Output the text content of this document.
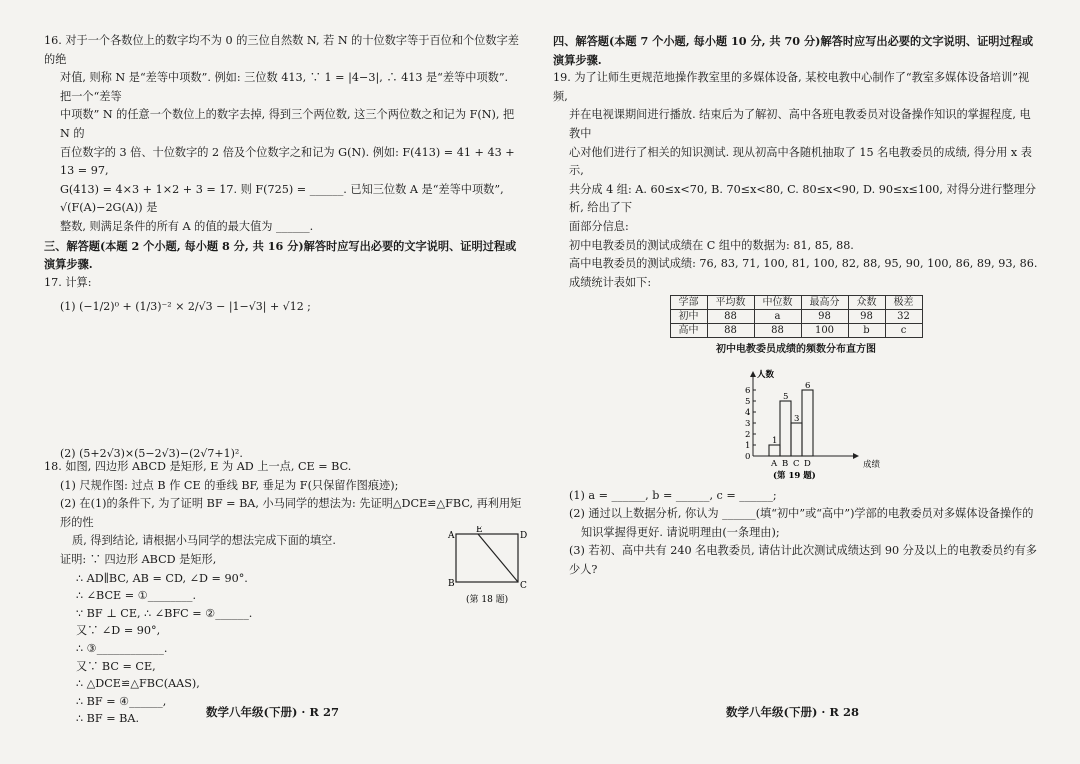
16. 对于一个各数位上的数字均不为 0 的三位自然数 N, 若 N 的十位数字等于百位和个位数字差的绝

对值, 则称 N 是“差等中项数”. 例如: 三位数 413, ∵ 1 = |4−3|, ∴ 413 是“差等中项数”. 把一个“差等

中项数” N 的任意一个数位上的数字去掉, 得到三个两位数, 这三个两位数之和记为 F(N), 把 N 的

百位数字的 3 倍、十位数字的 2 倍及个位数字之和记为 G(N). 例如: F(413) = 41 + 43 + 13 = 97,

G(413) = 4×3 + 1×2 + 3 = 17. 则 F(725) = ______. 已知三位数 A 是“差等中项数”, √(F(A)−2G(A)) 是

整数, 则满足条件的所有 A 的值的最大值为 ______.

三、解答题(本题 2 个小题, 每小题 8 分, 共 16 分)解答时应写出必要的文字说明、证明过程或演算步骤.

17. 计算:

(1) (−1/2)⁰ + (1/3)⁻² × 2/√3 − |1−√3| + √12 ;

(2) (5+2√3)×(5−2√3)−(2√7+1)².

18. 如图, 四边形 ABCD 是矩形, E 为 AD 上一点, CE = BC.

(1) 尺规作图: 过点 B 作 CE 的垂线 BF, 垂足为 F(只保留作图痕迹);

(2) 在(1)的条件下, 为了证明 BF = BA, 小马同学的想法为: 先证明△DCE≌△FBC, 再利用矩形的性

质, 得到结论, 请根据小马同学的想法完成下面的填空.

证明: ∵ 四边形 ABCD 是矩形,

∴ AD∥BC, AB = CD, ∠D = 90°.

∴ ∠BCE = ①________.

∵ BF ⊥ CE, ∴ ∠BFC = ②______.

又∵ ∠D = 90°,

∴ ③____________.

又∵ BC = CE,

∴ △DCE≌△FBC(AAS),

∴ BF = ④______,

∴ BF = BA.

A
E
D
B	C
(第 18 题)
数学八年级(下册) · R 27

四、解答题(本题 7 个小题, 每小题 10 分, 共 70 分)解答时应写出必要的文字说明、证明过程或演算步骤.

19. 为了让师生更规范地操作教室里的多媒体设备, 某校电教中心制作了“教室多媒体设备培训”视频,

并在电视课期间进行播放. 结束后为了解初、高中各班电教委员对设备操作知识的掌握程度, 电教中

心对他们进行了相关的知识测试. 现从初高中各随机抽取了 15 名电教委员的成绩, 得分用 x 表示,

共分成 4 组: A. 60≤x<70, B. 70≤x<80, C. 80≤x<90, D. 90≤x≤100, 对得分进行整理分析, 给出了下

面部分信息:

初中电教委员的测试成绩在 C 组中的数据为: 81, 85, 88.

高中电教委员的测试成绩: 76, 83, 71, 100, 81, 100, 82, 88, 95, 90, 100, 86, 89, 93, 86.

成绩统计表如下:

学部	平均数	中位数	最高分	众数	极差
初中	88	a	98	98	32
高中	88	88	100	b	c

初中电教委员成绩的频数分布直方图

0
1
2
3
4
5
6
人数
成绩
1
A
5
B
3
C
6
D
(第 19 题)

(1) a = ______, b = ______, c = ______;

(2) 通过以上数据分析, 你认为 ______(填“初中”或“高中”)学部的电教委员对多媒体设备操作的

知识掌握得更好. 请说明理由(一条理由);

(3) 若初、高中共有 240 名电教委员, 请估计此次测试成绩达到 90 分及以上的电教委员约有多少人?

数学八年级(下册) · R 28
